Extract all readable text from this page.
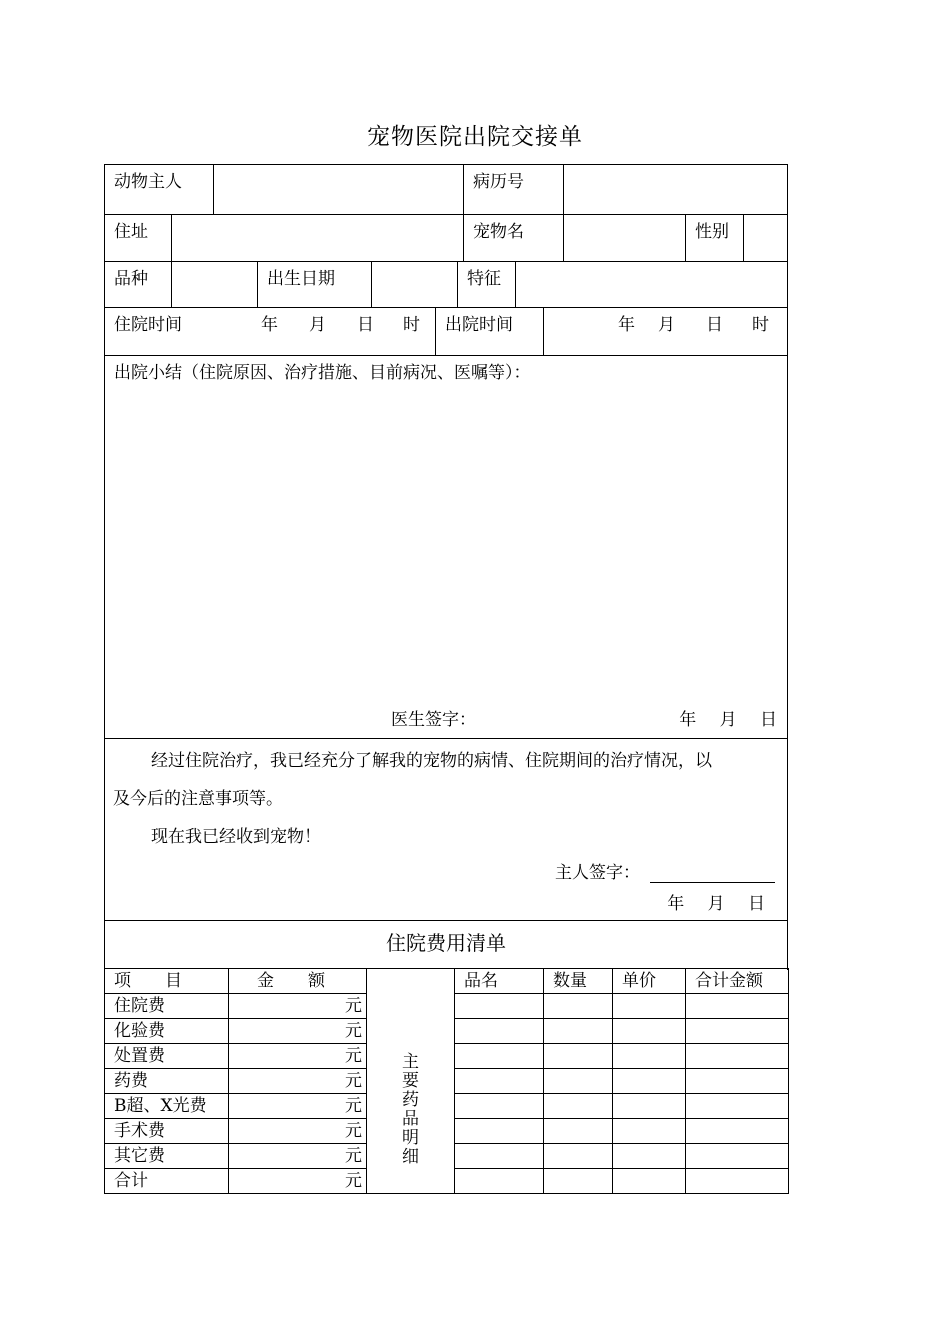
宠物医院出院交接单
动物主人	病历号
住址	宠物名	性别
品种	出生日期	特征
住院时间	年 月 日 时	出院时间	年 月 日 时
出院小结（住院原因、治疗措施、目前病况、医嘱等）：
医生签字：	年 月 日
经过住院治疗，我已经充分了解我的宠物的病情、住院期间的治疗情况，以
及今后的注意事项等。
现在我已经收到宠物！
主人签字：
年 月 日
住院费用清单
项　　目	金　　额	主要药品明细	品名	数量	单价	合计金额
住院费	元					
化验费	元					
处置费	元					
药费	元					
B超、X光费	元					
手术费	元					
其它费	元					
合计	元					
